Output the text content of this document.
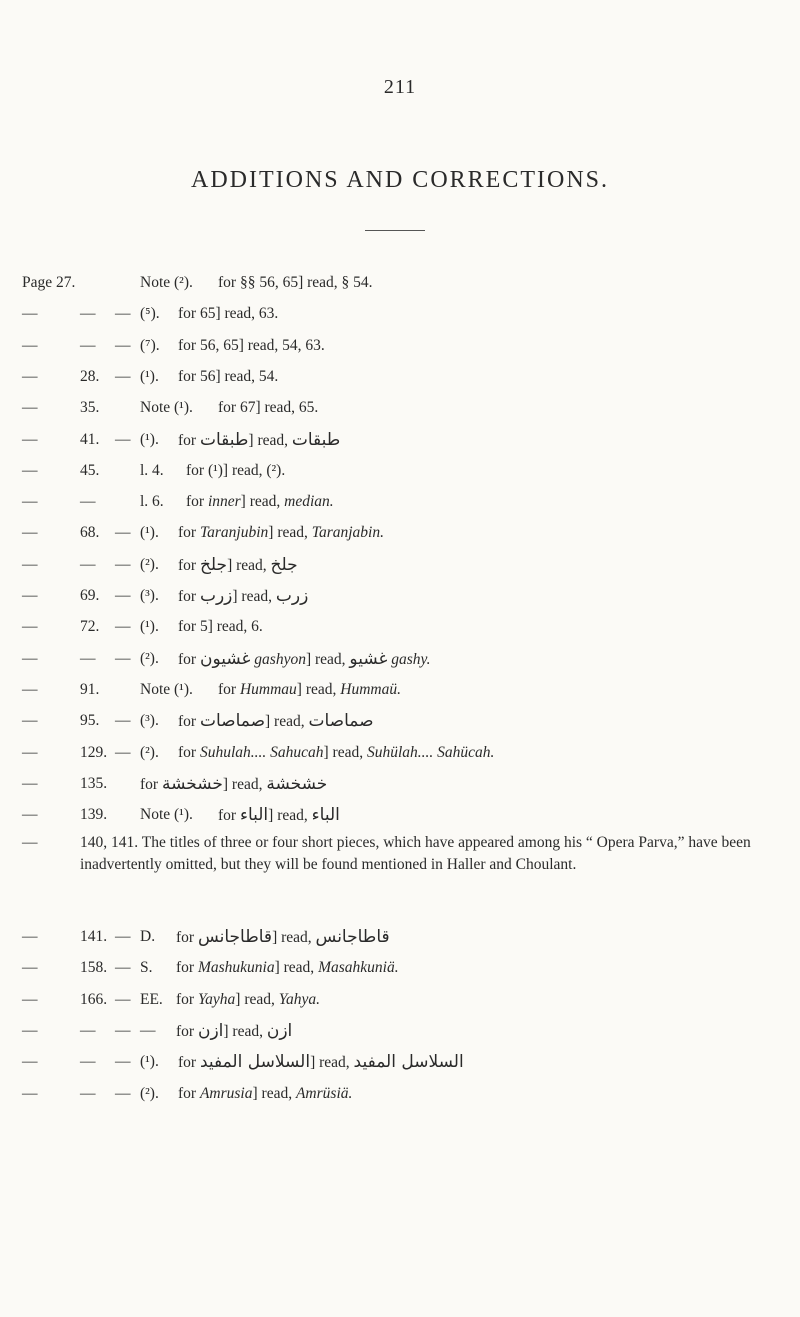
211
ADDITIONS AND CORRECTIONS.
Page 27.	Note (²). for §§ 56, 65] read, § 54.
—	— — (⁵). for 65] read, 63.
—	— — (⁷). for 56, 65] read, 54, 63.
—	28. — (¹). for 56] read, 54.
—	35.	Note (¹). for 67] read, 65.
—	41. — (¹). for طبقات] read, طبقات
—	45.	l. 4. for (¹)] read, (²).
—	—	l. 6. for inner] read, median.
—	68. — (¹). for Taranjubin] read, Taranjabin.
—	— — (²). for جلخ] read, جلخ
—	69. — (³). for زرب] read, زرب
—	72. — (¹). for 5] read, 6.
—	— — (²). for غشيون gashyon] read, غشيو gashy.
—	91.	Note (¹). for Hummau] read, Hummaü.
—	95. — (³). for صماصات] read, صماصات
—	129. — (²). for Suhulah.... Sahucah] read, Suhülah.... Sahücah.
—	135. for خشخشة] read, خشخشة
—	139. Note (¹). for الباء] read, الباء
—	140, 141. The titles of three or four short pieces, which have appeared among his “ Opera Parva,” have been inadvertently omitted, but they will be found mentioned in Haller and Choulant.
—	141. — D. for قاطاجانس] read, قاطاجانس
—	158. — S. for Mashukunia] read, Masahkuniä.
—	166. — EE. for Yayha] read, Yahya.
—	— — — for ازن] read, ازن
—	— — (¹). for السلاسل المفيد] read, السلاسل المفيد
—	— — (²). for Amrusia] read, Amrüsiä.
